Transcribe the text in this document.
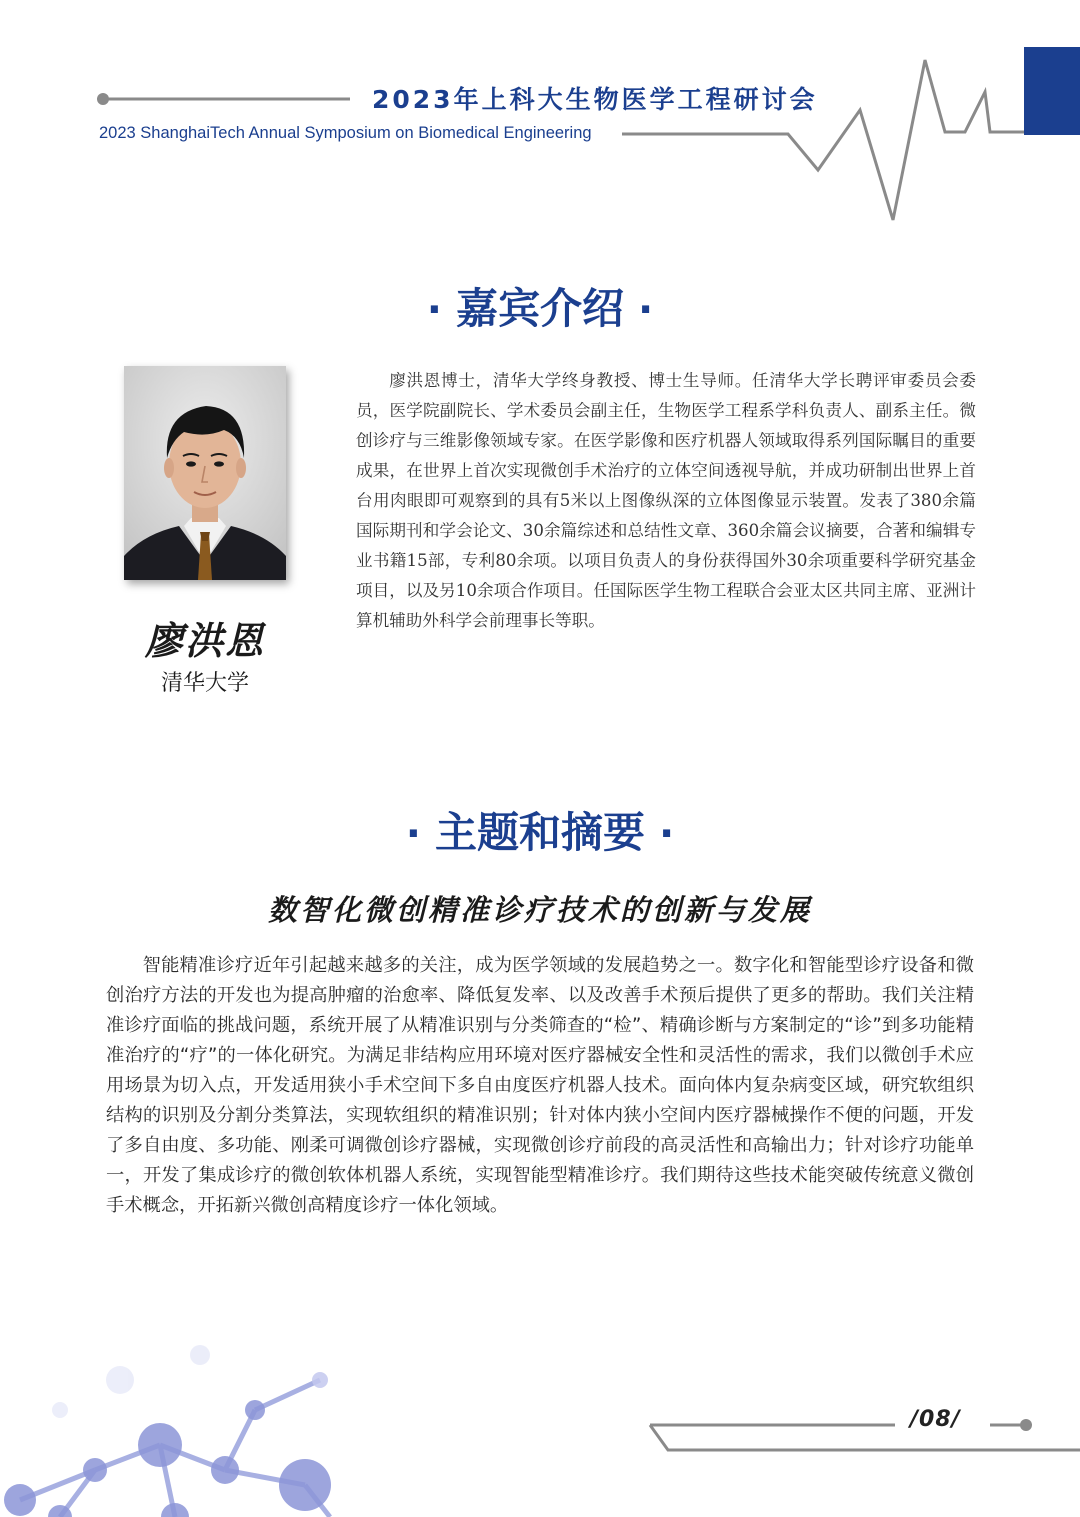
2023年上科大生物医学工程研讨会
2023 ShanghaiTech Annual Symposium on Biomedical Engineering
· 嘉宾介绍 ·
廖洪恩
清华大学
廖洪恩博士，清华大学终身教授、博士生导师。任清华大学长聘评审委员会委员，医学院副院长、学术委员会副主任，生物医学工程系学科负责人、副系主任。微创诊疗与三维影像领域专家。在医学影像和医疗机器人领域取得系列国际瞩目的重要成果，在世界上首次实现微创手术治疗的立体空间透视导航，并成功研制出世界上首台用肉眼即可观察到的具有5米以上图像纵深的立体图像显示装置。发表了380余篇国际期刊和学会论文、30余篇综述和总结性文章、360余篇会议摘要，合著和编辑专业书籍15部，专利80余项。以项目负责人的身份获得国外30余项重要科学研究基金项目，以及另10余项合作项目。任国际医学生物工程联合会亚太区共同主席、亚洲计算机辅助外科学会前理事长等职。
· 主题和摘要 ·
数智化微创精准诊疗技术的创新与发展
智能精准诊疗近年引起越来越多的关注，成为医学领域的发展趋势之一。数字化和智能型诊疗设备和微创治疗方法的开发也为提高肿瘤的治愈率、降低复发率、以及改善手术预后提供了更多的帮助。我们关注精准诊疗面临的挑战问题，系统开展了从精准识别与分类筛查的“检”、精确诊断与方案制定的“诊”到多功能精准治疗的“疗”的一体化研究。为满足非结构应用环境对医疗器械安全性和灵活性的需求，我们以微创手术应用场景为切入点，开发适用狭小手术空间下多自由度医疗机器人技术。面向体内复杂病变区域，研究软组织结构的识别及分割分类算法，实现软组织的精准识别；针对体内狭小空间内医疗器械操作不便的问题，开发了多自由度、多功能、刚柔可调微创诊疗器械，实现微创诊疗前段的高灵活性和高输出力；针对诊疗功能单一，开发了集成诊疗的微创软体机器人系统，实现智能型精准诊疗。我们期待这些技术能突破传统意义微创手术概念，开拓新兴微创高精度诊疗一体化领域。
/08/
